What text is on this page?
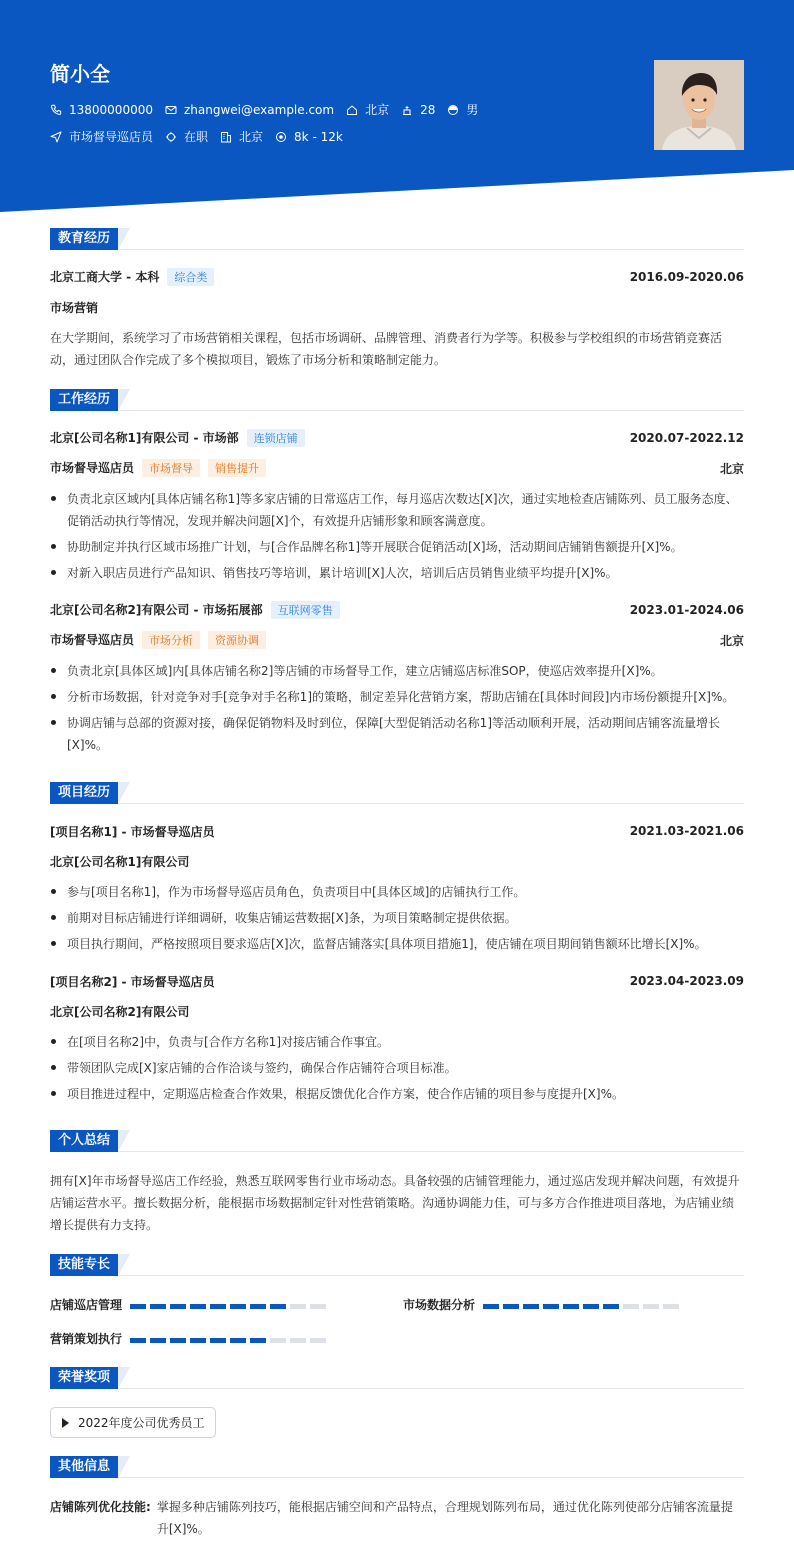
简小全
13800000000	zhangwei@example.com	北京	28	男
市场督导巡店员	在职	北京	8k - 12k
教育经历
北京工商大学 - 本科 综合类	2016.09-2020.06
市场营销
在大学期间，系统学习了市场营销相关课程，包括市场调研、品牌管理、消费者行为学等。积极参与学校组织的市场营销竞赛活动，通过团队合作完成了多个模拟项目，锻炼了市场分析和策略制定能力。
工作经历
北京[公司名称1]有限公司 - 市场部 连锁店铺	2020.07-2022.12
市场督导巡店员 市场督导 销售提升	北京
负责北京区域内[具体店铺名称1]等多家店铺的日常巡店工作，每月巡店次数达[X]次，通过实地检查店铺陈列、员工服务态度、促销活动执行等情况，发现并解决问题[X]个，有效提升店铺形象和顾客满意度。
协助制定并执行区域市场推广计划，与[合作品牌名称1]等开展联合促销活动[X]场，活动期间店铺销售额提升[X]%。
对新入职店员进行产品知识、销售技巧等培训，累计培训[X]人次，培训后店员销售业绩平均提升[X]%。
北京[公司名称2]有限公司 - 市场拓展部 互联网零售	2023.01-2024.06
市场督导巡店员 市场分析 资源协调	北京
负责北京[具体区域]内[具体店铺名称2]等店铺的市场督导工作，建立店铺巡店标准SOP，使巡店效率提升[X]%。
分析市场数据，针对竞争对手[竞争对手名称1]的策略，制定差异化营销方案，帮助店铺在[具体时间段]内市场份额提升[X]%。
协调店铺与总部的资源对接，确保促销物料及时到位，保障[大型促销活动名称1]等活动顺利开展，活动期间店铺客流量增长[X]%。
项目经历
[项目名称1] - 市场督导巡店员	2021.03-2021.06
北京[公司名称1]有限公司
参与[项目名称1]，作为市场督导巡店员角色，负责项目中[具体区域]的店铺执行工作。
前期对目标店铺进行详细调研，收集店铺运营数据[X]条，为项目策略制定提供依据。
项目执行期间，严格按照项目要求巡店[X]次，监督店铺落实[具体项目措施1]，使店铺在项目期间销售额环比增长[X]%。
[项目名称2] - 市场督导巡店员	2023.04-2023.09
北京[公司名称2]有限公司
在[项目名称2]中，负责与[合作方名称1]对接店铺合作事宜。
带领团队完成[X]家店铺的合作洽谈与签约，确保合作店铺符合项目标准。
项目推进过程中，定期巡店检查合作效果，根据反馈优化合作方案，使合作店铺的项目参与度提升[X]%。
个人总结
拥有[X]年市场督导巡店工作经验，熟悉互联网零售行业市场动态。具备较强的店铺管理能力，通过巡店发现并解决问题，有效提升店铺运营水平。擅长数据分析，能根据市场数据制定针对性营销策略。沟通协调能力佳，可与多方合作推进项目落地，为店铺业绩增长提供有力支持。
技能专长
店铺巡店管理	市场数据分析
营销策划执行
荣誉奖项
2022年度公司优秀员工
其他信息
店铺陈列优化技能: 掌握多种店铺陈列技巧，能根据店铺空间和产品特点，合理规划陈列布局，通过优化陈列使部分店铺客流量提升[X]%。
